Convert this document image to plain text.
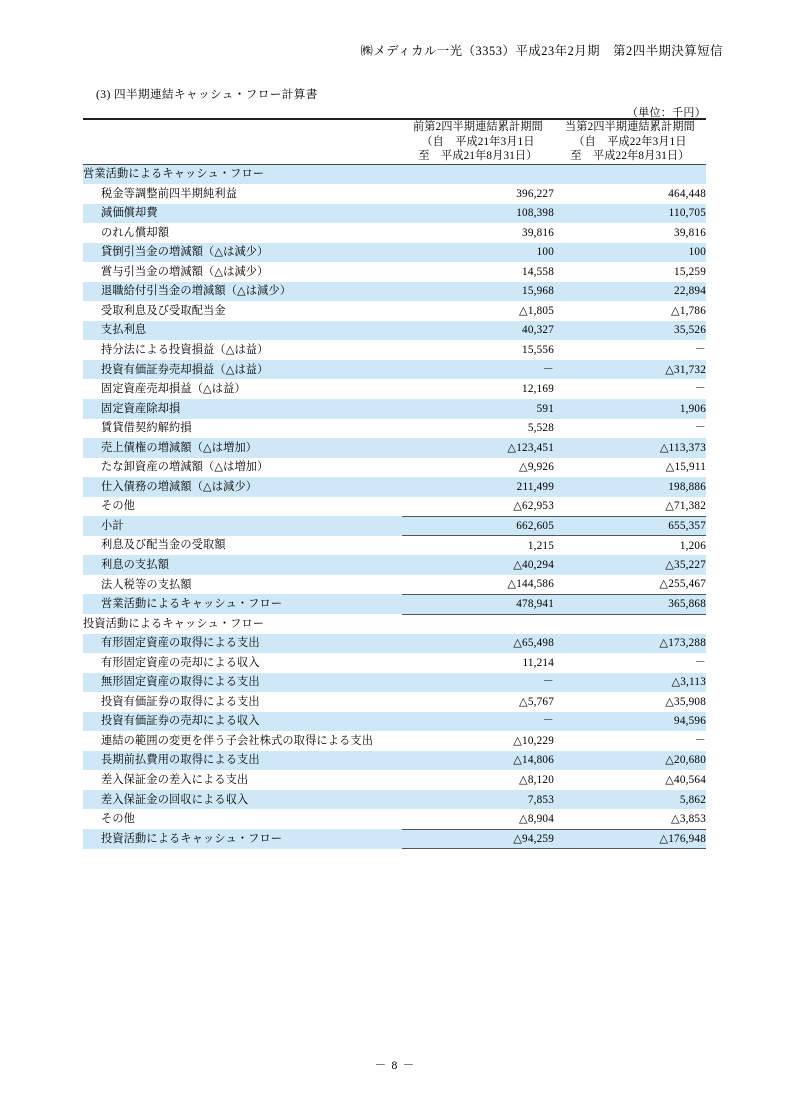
㈱メディカル一光（3353）平成23年2月期　第2四半期決算短信
(3) 四半期連結キャッシュ・フロー計算書
（単位：千円）

	前第2四半期連結累計期間
（自　平成21年3月1日
至　平成21年8月31日）	当第2四半期連結累計期間
（自　平成22年3月1日
至　平成22年8月31日）

営業活動によるキャッシュ・フロー		
税金等調整前四半期純利益	396,227	464,448
減価償却費	108,398	110,705
のれん償却額	39,816	39,816
貸倒引当金の増減額（△は減少）	100	100
賞与引当金の増減額（△は減少）	14,558	15,259
退職給付引当金の増減額（△は減少）	15,968	22,894
受取利息及び受取配当金	△1,805	△1,786
支払利息	40,327	35,526
持分法による投資損益（△は益）	15,556	－
投資有価証券売却損益（△は益）	－	△31,732
固定資産売却損益（△は益）	12,169	－
固定資産除却損	591	1,906
賃貸借契約解約損	5,528	－
売上債権の増減額（△は増加）	△123,451	△113,373
たな卸資産の増減額（△は増加）	△9,926	△15,911
仕入債務の増減額（△は減少）	211,499	198,886
その他	△62,953	△71,382
小計	662,605	655,357
利息及び配当金の受取額	1,215	1,206
利息の支払額	△40,294	△35,227
法人税等の支払額	△144,586	△255,467
営業活動によるキャッシュ・フロー	478,941	365,868
投資活動によるキャッシュ・フロー		
有形固定資産の取得による支出	△65,498	△173,288
有形固定資産の売却による収入	11,214	－
無形固定資産の取得による支出	－	△3,113
投資有価証券の取得による支出	△5,767	△35,908
投資有価証券の売却による収入	－	94,596
連結の範囲の変更を伴う子会社株式の取得による支出	△10,229	－
長期前払費用の取得による支出	△14,806	△20,680
差入保証金の差入による支出	△8,120	△40,564
差入保証金の回収による収入	7,853	5,862
その他	△8,904	△3,853
投資活動によるキャッシュ・フロー	△94,259	△176,948
－ 8 －
